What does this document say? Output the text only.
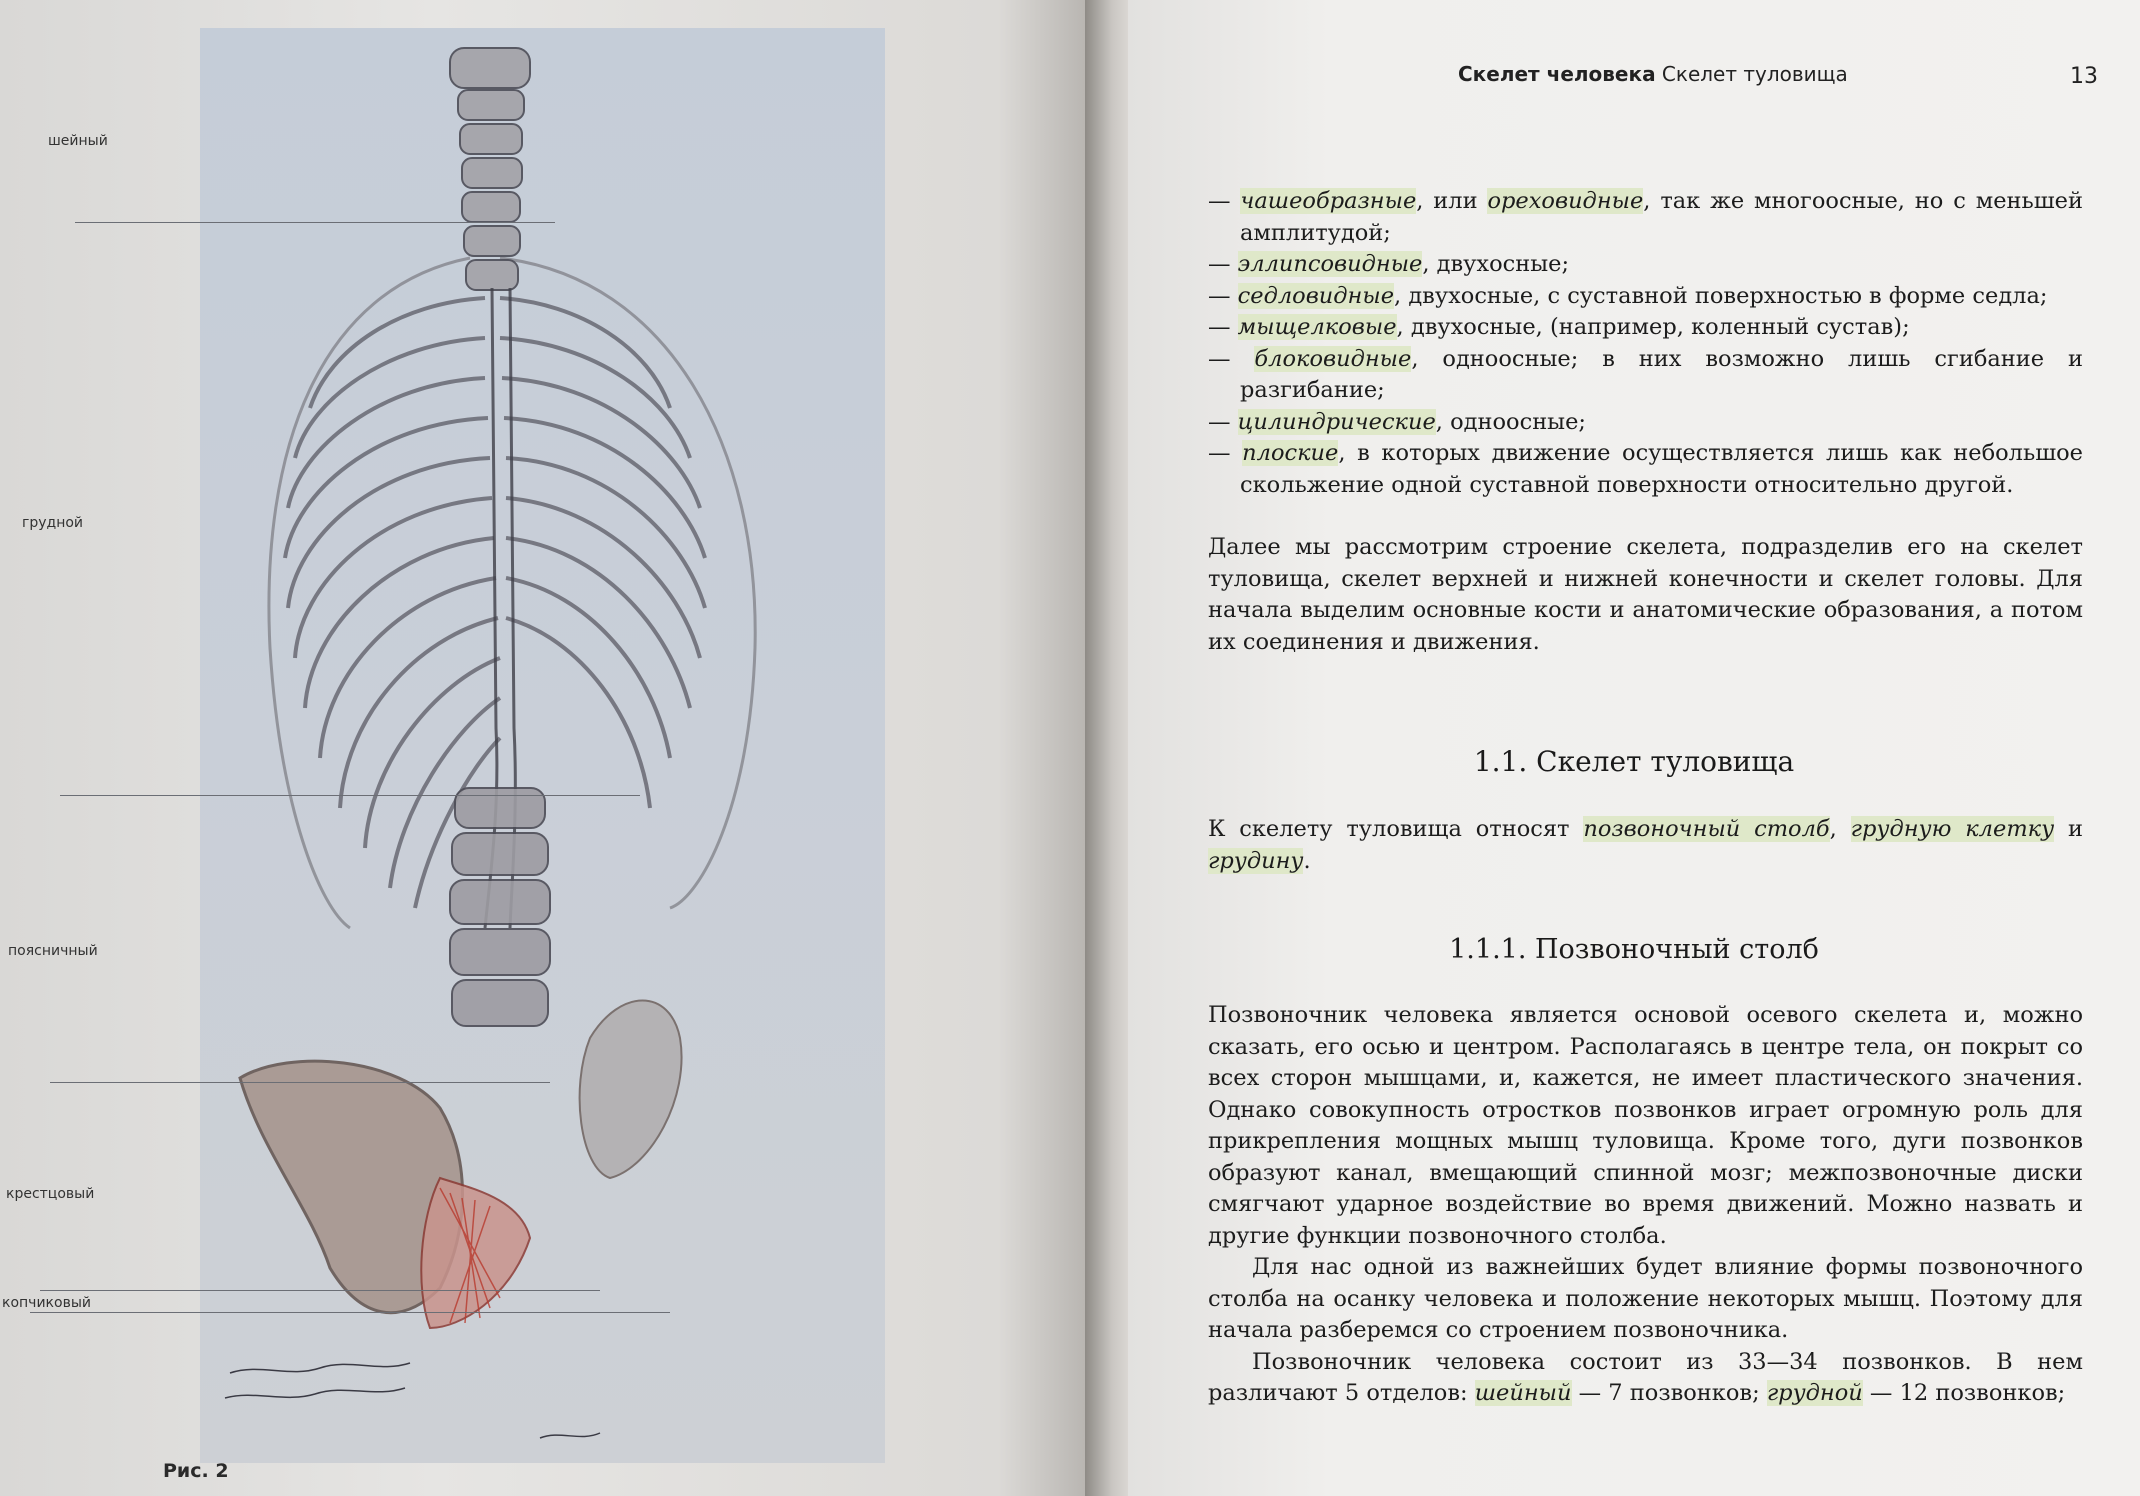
шейный
грудной
поясничный
крестцовый
копчиковый
Рис. 2
Скелет человека Скелет туловища	13
— чашеобразные, или ореховидные, так же многоосные, но с меньшей амплитудой;
— эллипсовидные, двухосные;
— седловидные, двухосные, с суставной поверхностью в форме седла;
— мыщелковые, двухосные, (например, коленный сустав);
— блоковидные, одноосные; в них возможно лишь сгибание и разгибание;
— цилиндрические, одноосные;
— плоские, в которых движение осуществляется лишь как небольшое скольжение одной суставной поверхности относительно другой.
Далее мы рассмотрим строение скелета, подразделив его на скелет туловища, скелет верхней и нижней конечности и скелет головы. Для начала выделим основные кости и анатомические образования, а потом их соединения и движения.
1.1. Скелет туловища
К скелету туловища относят позвоночный столб, грудную клетку и грудину.
1.1.1. Позвоночный столб

Позвоночник человека является основой осевого скелета и, можно сказать, его осью и центром. Располагаясь в центре тела, он покрыт со всех сторон мышцами, и, кажется, не имеет пластического значения. Однако совокупность отростков позвонков играет огромную роль для прикрепления мощных мышц туловища. Кроме того, дуги позвонков образуют канал, вмещающий спинной мозг; межпозвоночные диски смягчают ударное воздействие во время движений. Можно назвать и другие функции позвоночного столба.

Для нас одной из важнейших будет влияние формы позвоночного столба на осанку человека и положение некоторых мышц. Поэтому для начала разберемся со строением позвоночника.

Позвоночник человека состоит из 33—34 позвонков. В нем различают 5 отделов: шейный — 7 позвонков; грудной — 12 позвонков;
